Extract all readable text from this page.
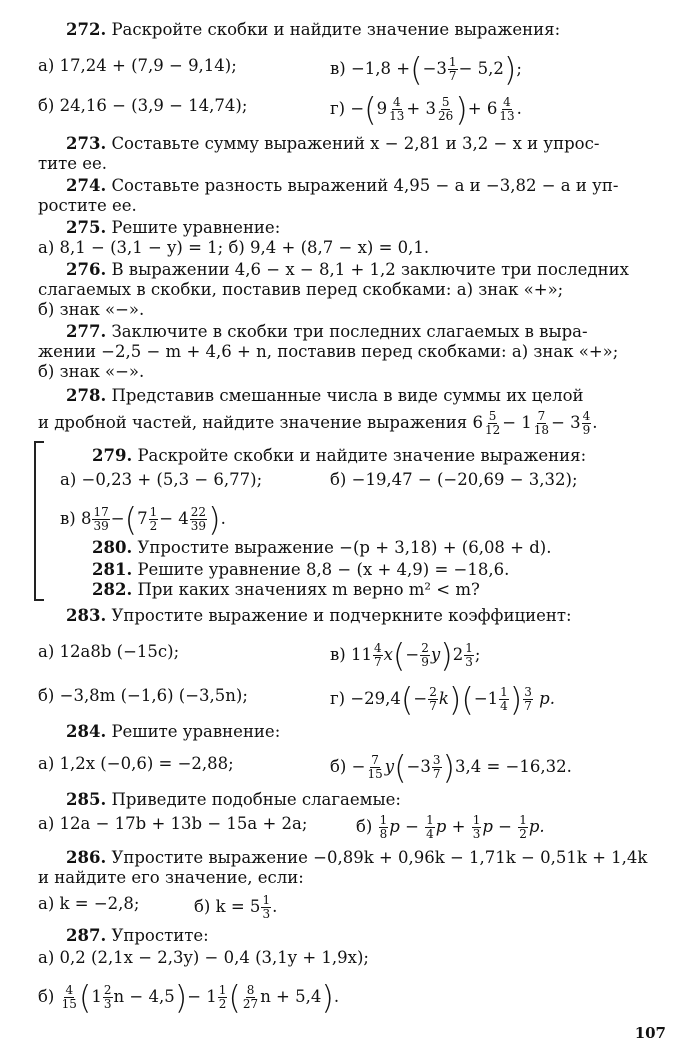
272. Раскройте скобки и найдите значение выражения:
а) 17,24 + (7,9 − 9,14);	$в) -1,8 +(-3 \frac{1}{7} - 5,2)$;
б) 24,16 − (3,9 − 14,74);	$г) -(9 \frac{4}{13} + 3 \frac{5}{26}$ )+ $6 \frac{4}{13}$ .
273. Составьте сумму выражений x − 2,81 и 3,2 − x и упрос-
тите ее.
274. Составьте разность выражений 4,95 − a и −3,82 − a и уп-
ростите ее.
275. Решите уравнение:
а) 8,1 − (3,1 − y) = 1; б) 9,4 + (8,7 − x) = 0,1.
276. В выражении 4,6 − x − 8,1 + 1,2 заключите три последних
слагаемых в скобки, поставив перед скобками: а) знак «+»;
б) знак «−».
277. Заключите в скобки три последних слагаемых в выра-
жении −2,5 − m + 4,6 + n, поставив перед скобками: а) знак «+»;
б) знак «−».
278. Представив смешанные числа в виде суммы их целой
и дробной частей, найдите значение выражения $6 \frac{5}{12} - 1 \frac{7}{18} - 3 \frac{4}{9}$ .
279. Раскройте скобки и найдите значение выражения:
а) −0,23 + (5,3 − 6,77);	б) −19,47 − (−20,69 − 3,32);
в) $8 \frac{17}{39} -(7 \frac{1}{2} - 4 \frac{22}{39}$ ).
280. Упростите выражение −(p + 3,18) + (6,08 + d).
281. Решите уравнение 8,8 − (x + 4,9) = −18,6.
282. При каких значениях m верно m² < m?
283. Упростите выражение и подчеркните коэффициент:
а) 12a8b (−15c);	в) $11 \frac{4}{7} x(- \frac{2}{9} y)2 \frac{1}{3}$ ;
б) −3,8m (−1,6) (−3,5n);	$г) -29,4(- \frac{2}{7} k)(-1 \frac{1}{4}$ ) $\frac{3}{7} p$.
284. Решите уравнение:
а) 1,2x (−0,6) = −2,88;	$б) - \frac{7}{15} y(-3 \frac{3}{7} )3,4 = -16,32$.
285. Приведите подобные слагаемые:
а) 12a − 17b + 13b − 15a + 2a;	$б) \frac{1}{8}$ $p - \frac{1}{4}$ $p + \frac{1}{3}$ $p - \frac{1}{2} p$.
286. Упростите выражение −0,89k + 0,96k − 1,71k − 0,51k + 1,4k
и найдите его значение, если:
а) k = −2,8;	б) $k = 5 \frac{1}{3}$ .
287. Упростите:
а) 0,2 (2,1x − 2,3y) − 0,4 (3,1y + 1,9x);
$б) \frac{4}{15} (1 \frac{2}{3}$ $n - 4,5)- 1 \frac{1}{2}$ ( $\frac{8}{27}$ n + 5,4).
107
